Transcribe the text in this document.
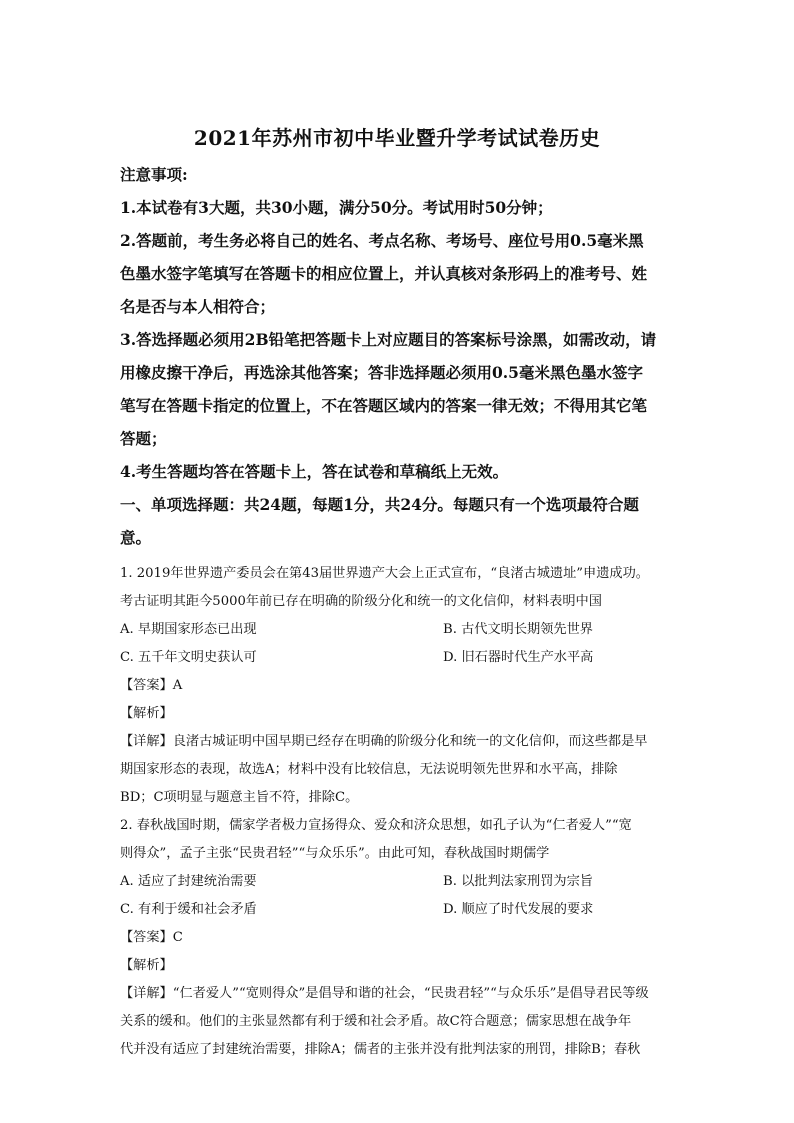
2021年苏州市初中毕业暨升学考试试卷历史
注意事项:
1.本试卷有3大题，共30小题，满分50分。考试用时50分钟；
2.答题前，考生务必将自己的姓名、考点名称、考场号、座位号用0.5毫米黑
色墨水签字笔填写在答题卡的相应位置上，并认真核对条形码上的准考号、姓
名是否与本人相符合；
3.答选择题必须用2B铅笔把答题卡上对应题目的答案标号涂黑，如需改动，请
用橡皮擦干净后，再选涂其他答案；答非选择题必须用0.5毫米黑色墨水签字
笔写在答题卡指定的位置上，不在答题区域内的答案一律无效；不得用其它笔
答题；
4.考生答题均答在答题卡上，答在试卷和草稿纸上无效。
一、单项选择题：共24题，每题1分，共24分。每题只有一个选项最符合题
意。
1. 2019年世界遗产委员会在第43届世界遗产大会上正式宣布，“良渚古城遗址”申遗成功。
考古证明其距今5000年前已存在明确的阶级分化和统一的文化信仰，材料表明中国
A. 早期国家形态已出现	B. 古代文明长期领先世界
C. 五千年文明史获认可	D. 旧石器时代生产水平高
【答案】A
【解析】
【详解】良渚古城证明中国早期已经存在明确的阶级分化和统一的文化信仰，而这些都是早
期国家形态的表现，故选A；材料中没有比较信息，无法说明领先世界和水平高，排除
BD；C项明显与题意主旨不符，排除C。
2. 春秋战国时期，儒家学者极力宣扬得众、爱众和济众思想，如孔子认为“仁者爱人”“宽
则得众”，孟子主张“民贵君轻”“与众乐乐”。由此可知，春秋战国时期儒学
A. 适应了封建统治需要	B. 以批判法家刑罚为宗旨
C. 有利于缓和社会矛盾	D. 顺应了时代发展的要求
【答案】C
【解析】
【详解】“仁者爱人”“宽则得众”是倡导和谐的社会，“民贵君轻”“与众乐乐”是倡导君民等级
关系的缓和。他们的主张显然都有利于缓和社会矛盾。故C符合题意；儒家思想在战争年
代并没有适应了封建统治需要，排除A；儒者的主张并没有批判法家的刑罚，排除B；春秋
